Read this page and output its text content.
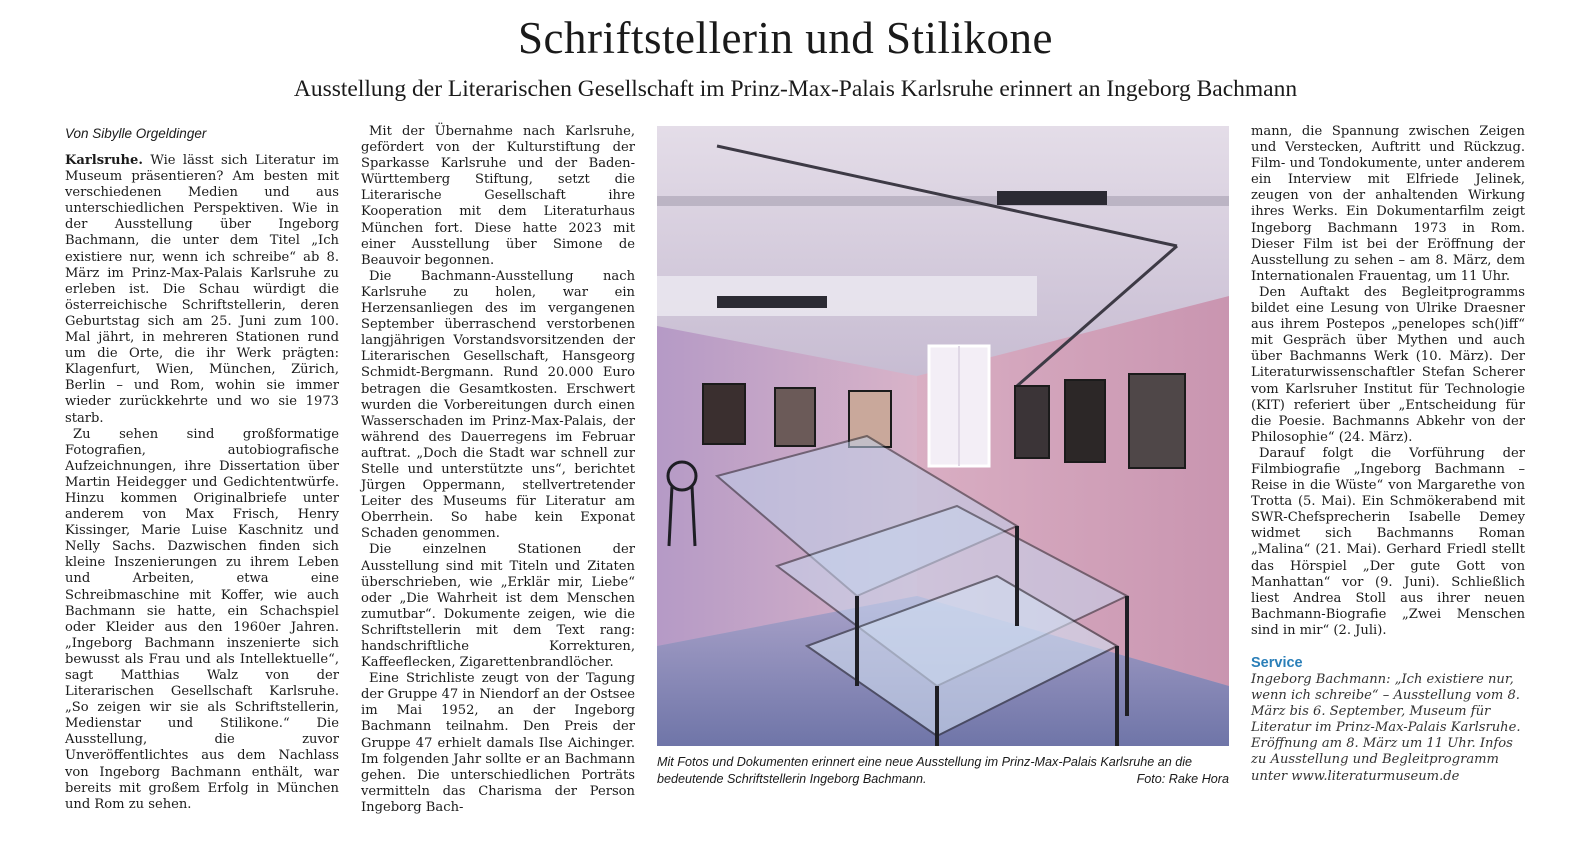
Schriftstellerin und Stilikone
Ausstellung der Literarischen Gesellschaft im Prinz-Max-Palais Karlsruhe erinnert an Ingeborg Bachmann
Von Sibylle Orgeldinger

Karlsruhe. Wie lässt sich Literatur im Museum präsentieren? Am besten mit verschiedenen Medien und aus unterschiedlichen Perspektiven. Wie in der Ausstellung über Ingeborg Bachmann, die unter dem Titel „Ich existiere nur, wenn ich schreibe“ ab 8. März im Prinz-Max-Palais Karlsruhe zu erleben ist. Die Schau würdigt die österreichische Schriftstellerin, deren Geburtstag sich am 25. Juni zum 100. Mal jährt, in mehreren Stationen rund um die Orte, die ihr Werk prägten: Klagenfurt, Wien, München, Zürich, Berlin – und Rom, wohin sie immer wieder zurückkehrte und wo sie 1973 starb.

Zu sehen sind großformatige Fotografien, autobiografische Aufzeichnungen, ihre Dissertation über Martin Heidegger und Gedichtentwürfe. Hinzu kommen Originalbriefe unter anderem von Max Frisch, Henry Kissinger, Marie Luise Kaschnitz und Nelly Sachs. Dazwischen finden sich kleine Inszenierungen zu ihrem Leben und Arbeiten, etwa eine Schreibmaschine mit Koffer, wie auch Bachmann sie hatte, ein Schachspiel oder Kleider aus den 1960er Jahren. „Ingeborg Bachmann inszenierte sich bewusst als Frau und als Intellektuelle“, sagt Matthias Walz von der Literarischen Gesellschaft Karlsruhe. „So zeigen wir sie als Schriftstellerin, Medienstar und Stilikone.“ Die Ausstellung, die zuvor Unveröffentlichtes aus dem Nachlass von Ingeborg Bachmann enthält, war bereits mit großem Erfolg in München und Rom zu sehen.

Mit der Übernahme nach Karlsruhe, gefördert von der Kulturstiftung der Sparkasse Karlsruhe und der Baden-Württemberg Stiftung, setzt die Literarische Gesellschaft ihre Kooperation mit dem Literaturhaus München fort. Diese hatte 2023 mit einer Ausstellung über Simone de Beauvoir begonnen.

Die Bachmann-Ausstellung nach Karlsruhe zu holen, war ein Herzensanliegen des im vergangenen September überraschend verstorbenen langjährigen Vorstandsvorsitzenden der Literarischen Gesellschaft, Hansgeorg Schmidt-Bergmann. Rund 20.000 Euro betragen die Gesamtkosten. Erschwert wurden die Vorbereitungen durch einen Wasserschaden im Prinz-Max-Palais, der während des Dauerregens im Februar auftrat. „Doch die Stadt war schnell zur Stelle und unterstützte uns“, berichtet Jürgen Oppermann, stellvertretender Leiter des Museums für Literatur am Oberrhein. So habe kein Exponat Schaden genommen.

Die einzelnen Stationen der Ausstellung sind mit Titeln und Zitaten überschrieben, wie „Erklär mir, Liebe“ oder „Die Wahrheit ist dem Menschen zumutbar“. Dokumente zeigen, wie die Schriftstellerin mit dem Text rang: handschriftliche Korrekturen, Kaffeeflecken, Zigarettenbrandlöcher.

Eine Strichliste zeugt von der Tagung der Gruppe 47 in Niendorf an der Ostsee im Mai 1952, an der Ingeborg Bachmann teilnahm. Den Preis der Gruppe 47 erhielt damals Ilse Aichinger. Im folgenden Jahr sollte er an Bachmann gehen. Die unterschiedlichen Porträts vermitteln das Charisma der Person Ingeborg Bach-

Mit Fotos und Dokumenten erinnert eine neue Ausstellung im Prinz-Max-Palais Karlsruhe an die bedeutende Schriftstellerin Ingeborg Bachmann.	Foto: Rake Hora

mann, die Spannung zwischen Zeigen und Verstecken, Auftritt und Rückzug. Film- und Tondokumente, unter anderem ein Interview mit Elfriede Jelinek, zeugen von der anhaltenden Wirkung ihres Werks. Ein Dokumentarfilm zeigt Ingeborg Bachmann 1973 in Rom. Dieser Film ist bei der Eröffnung der Ausstellung zu sehen – am 8. März, dem Internationalen Frauentag, um 11 Uhr.

Den Auftakt des Begleitprogramms bildet eine Lesung von Ulrike Draesner aus ihrem Postepos „penelopes sch()iff“ mit Gespräch über Mythen und auch über Bachmanns Werk (10. März). Der Literaturwissenschaftler Stefan Scherer vom Karlsruher Institut für Technologie (KIT) referiert über „Entscheidung für die Poesie. Bachmanns Abkehr von der Philosophie“ (24. März).

Darauf folgt die Vorführung der Filmbiografie „Ingeborg Bachmann – Reise in die Wüste“ von Margarethe von Trotta (5. Mai). Ein Schmökerabend mit SWR-Chefsprecherin Isabelle Demey widmet sich Bachmanns Roman „Malina“ (21. Mai). Gerhard Friedl stellt das Hörspiel „Der gute Gott von Manhattan“ vor (9. Juni). Schließlich liest Andrea Stoll aus ihrer neuen Bachmann-Biografie „Zwei Menschen sind in mir“ (2. Juli).

Service

Ingeborg Bachmann: „Ich existiere nur, wenn ich schreibe“ – Ausstellung vom 8. März bis 6. September, Museum für Literatur im Prinz-Max-Palais Karlsruhe. Eröffnung am 8. März um 11 Uhr. Infos zu Ausstellung und Begleitprogramm unter www.literaturmuseum.de
